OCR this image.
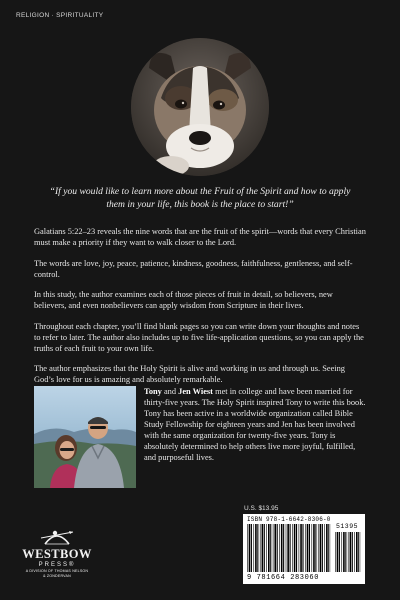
RELIGION · SPIRITUALITY
“If you would like to learn more about the Fruit of the Spirit and how to apply them in your life, this book is the place to start!”

Galatians 5:22–23 reveals the nine words that are the fruit of the spirit—words that every Christian must make a priority if they want to walk closer to the Lord.

The words are love, joy, peace, patience, kindness, goodness, faithfulness, gentleness, and self-control.

In this study, the author examines each of those pieces of fruit in detail, so believers, new believers, and even nonbelievers can apply wisdom from Scripture in their lives.

Throughout each chapter, you’ll find blank pages so you can write down your thoughts and notes to refer to later. The author also includes up to five life-application questions, so you can apply the truths of each fruit to your own life.

The author emphasizes that the Holy Spirit is alive and working in us and through us. Seeing God’s love for us is amazing and absolutely remarkable.

Tony and Jen Wiest met in college and have been married for thirty-five years. The Holy Spirit inspired Tony to write this book. Tony has been active in a worldwide organization called Bible Study Fellowship for eighteen years and Jen has been involved with the same organization for twenty-five years. Tony is absolutely determined to help others live more joyful, fulfilled, and purposeful lives.
U.S. $13.95
ISBN 978-1-6642-8306-0
51395
9 781664 283060
WESTBOW
PRESS®
A DIVISION OF THOMAS NELSON
& ZONDERVAN
